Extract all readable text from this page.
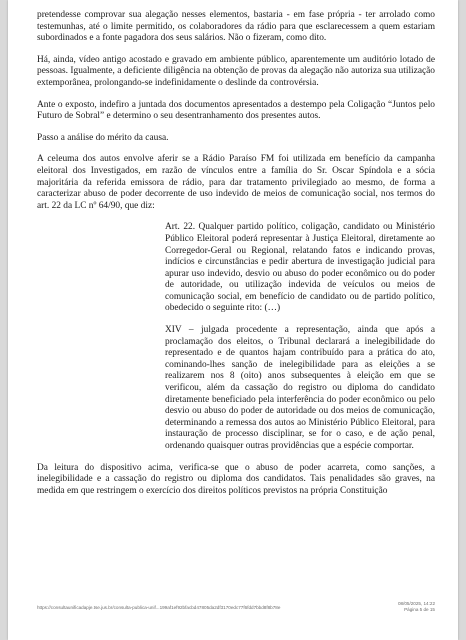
pretendesse comprovar sua alegação nesses elementos, bastaria - em fase própria - ter arrolado como testemunhas, até o limite permitido, os colaboradores da rádio para que esclarecessem a quem estariam subordinados e a fonte pagadora dos seus salários. Não o fizeram, como dito.

Há, ainda, vídeo antigo acostado e gravado em ambiente público, aparentemente um auditório lotado de pessoas. Igualmente, a deficiente diligência na obtenção de provas da alegação não autoriza sua utilização extemporânea, prolongando-se indefinidamente o deslinde da controvérsia.

Ante o exposto, indefiro a juntada dos documentos apresentados a destempo pela Coligação “Juntos pelo Futuro de Sobral” e determino o seu desentranhamento dos presentes autos.

Passo a análise do mérito da causa.

A celeuma dos autos envolve aferir se a Rádio Paraíso FM foi utilizada em benefício da campanha eleitoral dos Investigados, em razão de vínculos entre a família do Sr. Oscar Spíndola e a sócia majoritária da referida emissora de rádio, para dar tratamento privilegiado ao mesmo, de forma a caracterizar abuso de poder decorrente de uso indevido de meios de comunicação social, nos termos do art. 22 da LC nº 64/90, que diz:

Art. 22. Qualquer partido político, coligação, candidato ou Ministério Público Eleitoral poderá representar à Justiça Eleitoral, diretamente ao Corregedor-Geral ou Regional, relatando fatos e indicando provas, indícios e circunstâncias e pedir abertura de investigação judicial para apurar uso indevido, desvio ou abuso do poder econômico ou do poder de autoridade, ou utilização indevida de veículos ou meios de comunicação social, em benefício de candidato ou de partido político, obedecido o seguinte rito: (…)

XIV – julgada procedente a representação, ainda que após a proclamação dos eleitos, o Tribunal declarará a inelegibilidade do representado e de quantos hajam contribuído para a prática do ato, cominando-lhes sanção de inelegibilidade para as eleições a se realizarem nos 8 (oito) anos subsequentes à eleição em que se verificou, além da cassação do registro ou diploma do candidato diretamente beneficiado pela interferência do poder econômico ou pelo desvio ou abuso do poder de autoridade ou dos meios de comunicação, determinando a remessa dos autos ao Ministério Público Eleitoral, para instauração de processo disciplinar, se for o caso, e de ação penal, ordenando quaisquer outras providências que a espécie comportar.

Da leitura do dispositivo acima, verifica-se que o abuso de poder acarreta, como sanções, a inelegibilidade e a cassação do registro ou diploma dos candidatos. Tais penalidades são graves, na medida em que restringem o exercício dos direitos políticos previstos na própria Constituição

https://consultaunificadapje.tse.jus.br/consulta-publica-unif...199af1ef92bfacbd47805da2df3170edc77f6fdd7bbd8f8b78e
08/05/2025, 14:22
Página 5 de 15
